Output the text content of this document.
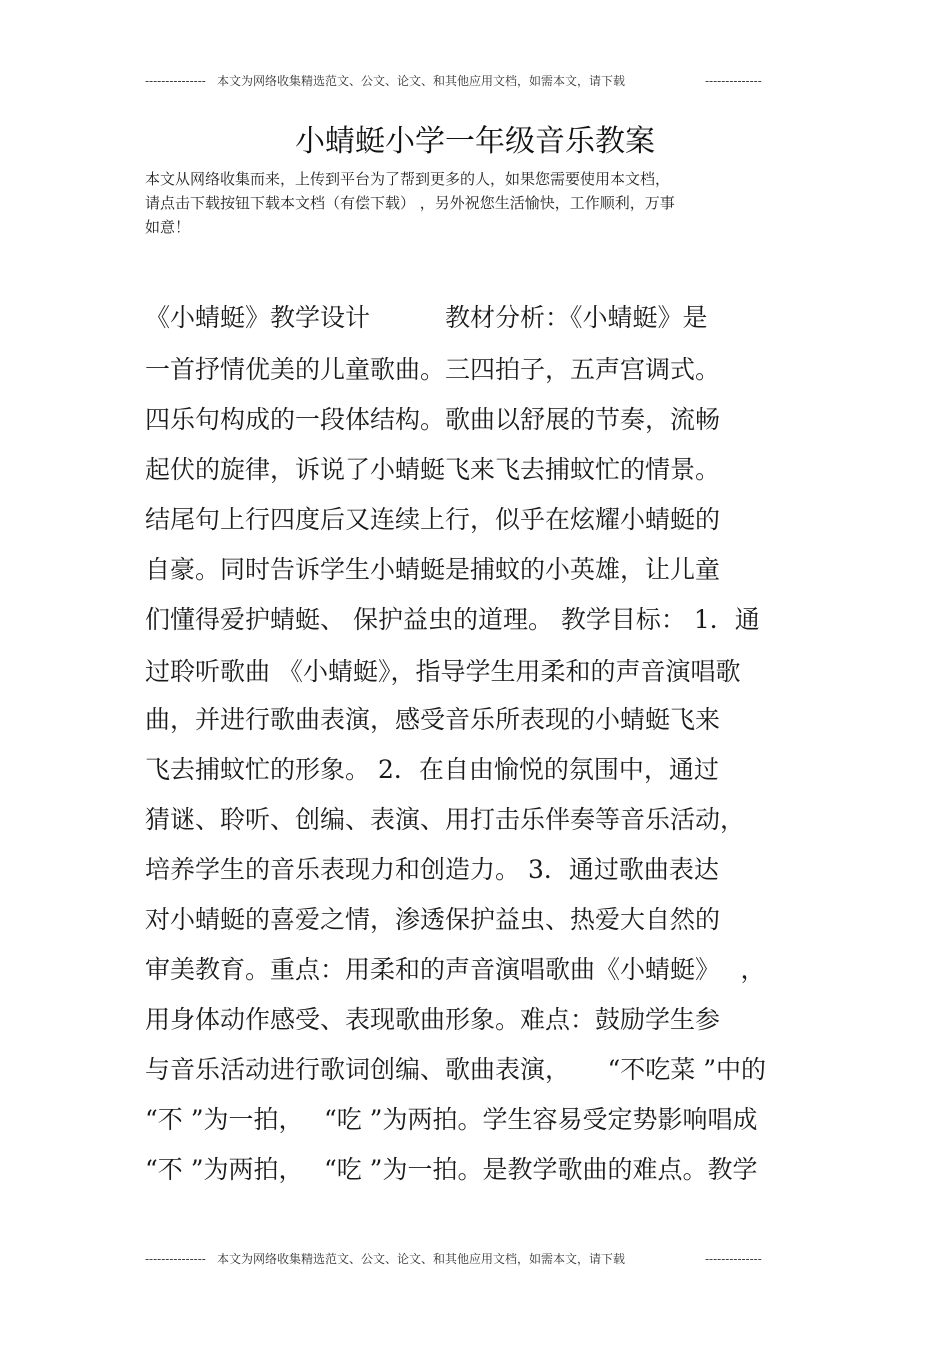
--------------- 本文为网络收集精选范文、公文、论文、和其他应用文档，如需本文，请下载	--------------
小蜻蜓小学一年级音乐教案
本文从网络收集而来，上传到平台为了帮到更多的人，如果您需要使用本文档，
请点击下载按钮下载本文档（有偿下载） ，另外祝您生活愉快，工作顺利，万事
如意！
《小蜻蜓》教学设计　　　教材分析：《小蜻蜓》是
一首抒情优美的儿童歌曲。三四拍子，五声宫调式。
四乐句构成的一段体结构。歌曲以舒展的节奏，流畅
起伏的旋律，诉说了小蜻蜓飞来飞去捕蚊忙的情景。
结尾句上行四度后又连续上行，似乎在炫耀小蜻蜓的
自豪。同时告诉学生小蜻蜓是捕蚊的小英雄，让儿童
们懂得爱护蜻蜓、 保护益虫的道理。 教学目标： 1．通
过聆听歌曲 《小蜻蜓》，指导学生用柔和的声音演唱歌
曲，并进行歌曲表演，感受音乐所表现的小蜻蜓飞来
飞去捕蚊忙的形象。 2．在自由愉悦的氛围中，通过
猜谜、聆听、创编、表演、用打击乐伴奏等音乐活动，
培养学生的音乐表现力和创造力。 3．通过歌曲表达
对小蜻蜓的喜爱之情，渗透保护益虫、热爱大自然的
审美教育。重点：用柔和的声音演唱歌曲《小蜻蜓》　 ，
用身体动作感受、表现歌曲形象。难点：鼓励学生参
与音乐活动进行歌词创编、歌曲表演，　　“不吃菜 ”中的
“不 ”为一拍，　 “吃 ”为两拍。学生容易受定势影响唱成
“不 ”为两拍，　 “吃 ”为一拍。是教学歌曲的难点。教学
--------------- 本文为网络收集精选范文、公文、论文、和其他应用文档，如需本文，请下载	--------------
